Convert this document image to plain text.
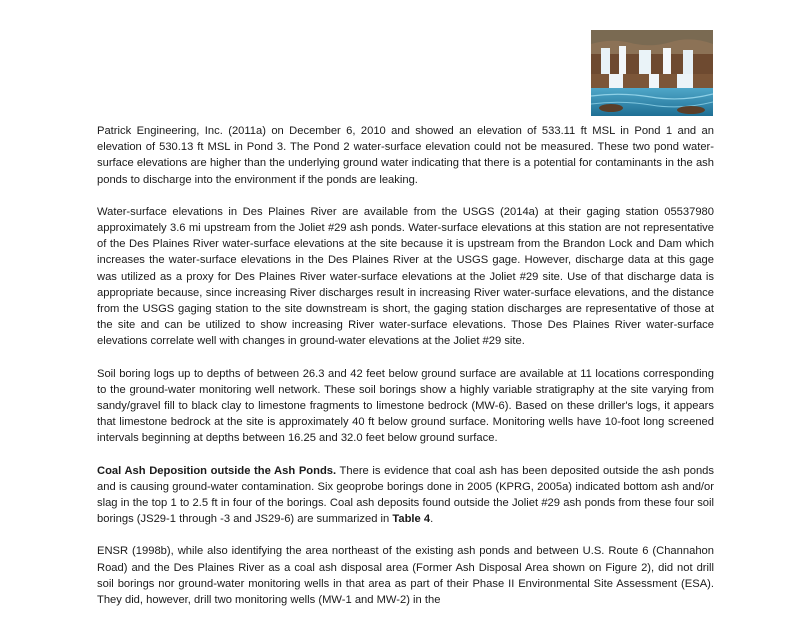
Patrick Engineering, Inc. (2011a) on December 6, 2010 and showed an elevation of 533.11 ft MSL in Pond 1 and an elevation of 530.13 ft MSL in Pond 3. The Pond 2 water-surface elevation could not be measured. These two pond water-surface elevations are higher than the underlying ground water indicating that there is a potential for contaminants in the ash ponds to discharge into the environment if the ponds are leaking.

Water-surface elevations in Des Plaines River are available from the USGS (2014a) at their gaging station 05537980 approximately 3.6 mi upstream from the Joliet #29 ash ponds. Water-surface elevations at this station are not representative of the Des Plaines River water-surface elevations at the site because it is upstream from the Brandon Lock and Dam which increases the water-surface elevations in the Des Plaines River at the USGS gage. However, discharge data at this gage was utilized as a proxy for Des Plaines River water-surface elevations at the Joliet #29 site. Use of that discharge data is appropriate because, since increasing River discharges result in increasing River water-surface elevations, and the distance from the USGS gaging station to the site downstream is short, the gaging station discharges are representative of those at the site and can be utilized to show increasing River water-surface elevations. Those Des Plaines River water-surface elevations correlate well with changes in ground-water elevations at the Joliet #29 site.

Soil boring logs up to depths of between 26.3 and 42 feet below ground surface are available at 11 locations corresponding to the ground-water monitoring well network. These soil borings show a highly variable stratigraphy at the site varying from sandy/gravel fill to black clay to limestone fragments to limestone bedrock (MW-6). Based on these driller's logs, it appears that limestone bedrock at the site is approximately 40 ft below ground surface. Monitoring wells have 10-foot long screened intervals beginning at depths between 16.25 and 32.0 feet below ground surface.

Coal Ash Deposition outside the Ash Ponds. There is evidence that coal ash has been deposited outside the ash ponds and is causing ground-water contamination. Six geoprobe borings done in 2005 (KPRG, 2005a) indicated bottom ash and/or slag in the top 1 to 2.5 ft in four of the borings. Coal ash deposits found outside the Joliet #29 ash ponds from these four soil borings (JS29-1 through -3 and JS29-6) are summarized in Table 4.

ENSR (1998b), while also identifying the area northeast of the existing ash ponds and between U.S. Route 6 (Channahon Road) and the Des Plaines River as a coal ash disposal area (Former Ash Disposal Area shown on Figure 2), did not drill soil borings nor ground-water monitoring wells in that area as part of their Phase II Environmental Site Assessment (ESA). They did, however, drill two monitoring wells (MW-1 and MW-2) in the
